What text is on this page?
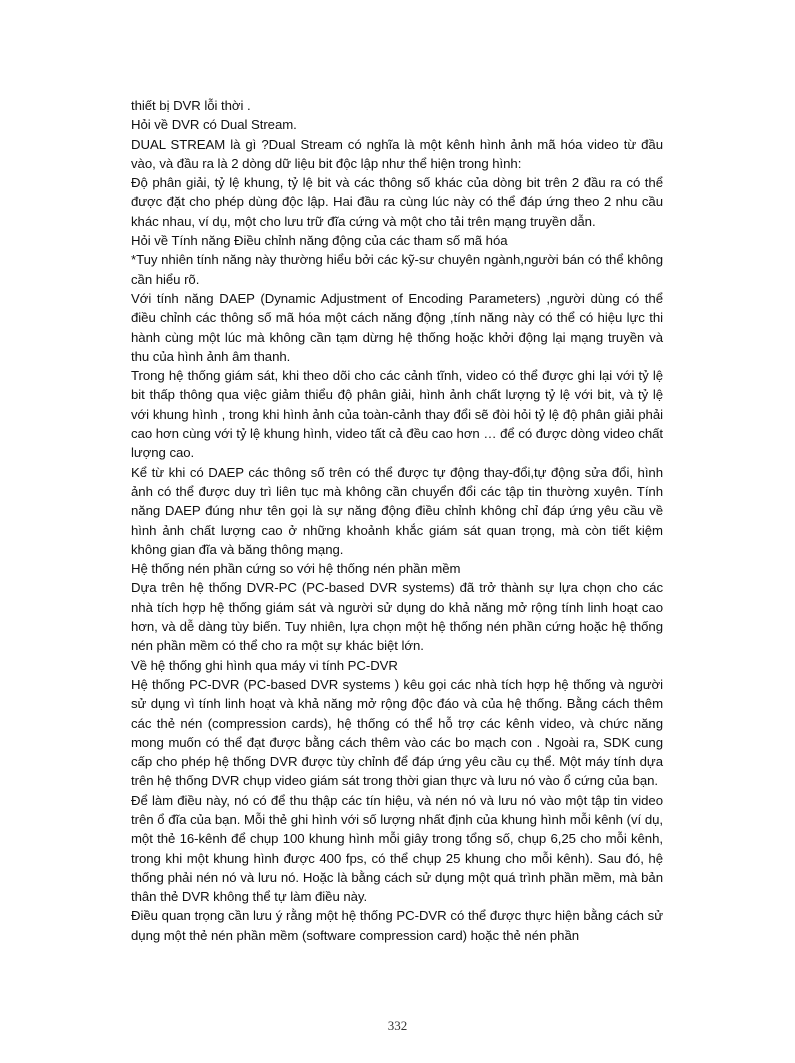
thiết bị DVR lỗi thời .

Hỏi về DVR có Dual Stream.

DUAL STREAM là gì ?Dual Stream có nghĩa là một kênh hình ảnh mã hóa video từ đầu vào, và đầu ra là 2 dòng dữ liệu bit độc lập như thể hiện trong hình:

Độ phân giải, tỷ lệ khung, tỷ lệ bit và các thông số khác của dòng bit trên 2 đầu ra có thể được đặt cho phép dùng độc lập. Hai đầu ra cùng lúc này có thể đáp ứng theo 2 nhu cầu khác nhau, ví dụ, một cho lưu trữ đĩa cứng và một cho tải trên mạng truyền dẫn.

Hỏi về Tính năng Điều chỉnh năng động của các tham số mã hóa

*Tuy nhiên tính năng này thường hiểu bởi các kỹ-sư chuyên ngành,người bán có thể không cần hiểu rõ.

Với tính năng DAEP (Dynamic Adjustment of Encoding Parameters) ,người dùng có thể điều chỉnh các thông số mã hóa một cách năng động ,tính năng này có thể có hiệu lực thi hành cùng một lúc mà không cần tạm dừng hệ thống hoặc khởi động lại mạng truyền và thu của hình ảnh âm thanh.

Trong hệ thống giám sát, khi theo dõi cho các cảnh tĩnh, video có thể được ghi lại với tỷ lệ bit thấp thông qua việc giảm thiểu độ phân giải, hình ảnh chất lượng tỷ lệ với bit, và tỷ lệ với khung hình , trong khi hình ảnh của toàn-cảnh thay đổi sẽ đòi hỏi tỷ lệ độ phân giải phải cao hơn cùng với tỷ lệ khung hình, video tất cả đều cao hơn … để có được dòng video chất lượng cao.

Kể từ khi có DAEP các thông số trên có thể được tự động thay-đổi,tự động sửa đổi, hình ảnh có thể được duy trì liên tục mà không cần chuyển đổi các tập tin thường xuyên. Tính năng DAEP đúng như tên gọi là sự năng động điều chỉnh không chỉ đáp ứng yêu cầu về hình ảnh chất lượng cao ở những khoảnh khắc giám sát quan trọng, mà còn tiết kiệm không gian đĩa và băng thông mạng.

Hệ thống nén phần cứng so với hệ thống nén phần mềm

Dựa trên hệ thống DVR-PC (PC-based DVR systems) đã trở thành sự lựa chọn cho các nhà tích hợp hệ thống giám sát và người sử dụng do khả năng mở rộng tính linh hoạt cao hơn, và dễ dàng tùy biến. Tuy nhiên, lựa chọn một hệ thống nén phần cứng hoặc hệ thống nén phần mềm có thể cho ra một sự khác biệt lớn.

Về hệ thống ghi hình qua máy vi tính PC-DVR

Hệ thống PC-DVR (PC-based DVR systems ) kêu gọi các nhà tích hợp hệ thống và người sử dụng vì tính linh hoạt và khả năng mở rộng độc đáo và của hệ thống. Bằng cách thêm các thẻ nén (compression cards), hệ thống có thể hỗ trợ các kênh video, và chức năng mong muốn có thể đạt được bằng cách thêm vào các bo mạch con . Ngoài ra, SDK cung cấp cho phép hệ thống DVR được tùy chỉnh để đáp ứng yêu cầu cụ thể. Một máy tính dựa trên hệ thống DVR chụp video giám sát trong thời gian thực và lưu nó vào ổ cứng của bạn.

Để làm điều này, nó có để thu thập các tín hiệu, và nén nó và lưu nó vào một tập tin video trên ổ đĩa của bạn. Mỗi thẻ ghi hình với số lượng nhất định của khung hình mỗi kênh (ví dụ, một thẻ 16-kênh để chụp 100 khung hình mỗi giây trong tổng số, chụp 6,25 cho mỗi kênh, trong khi một khung hình được 400 fps, có thể chụp 25 khung cho mỗi kênh). Sau đó, hệ thống phải nén nó và lưu nó. Hoặc là bằng cách sử dụng một quá trình phần mềm, mà bản thân thẻ DVR không thể tự làm điều này.

Điều quan trọng cần lưu ý rằng một hệ thống PC-DVR có thể được thực hiện bằng cách sử dụng một thẻ nén phần mềm (software compression card) hoặc thẻ nén phần

332
